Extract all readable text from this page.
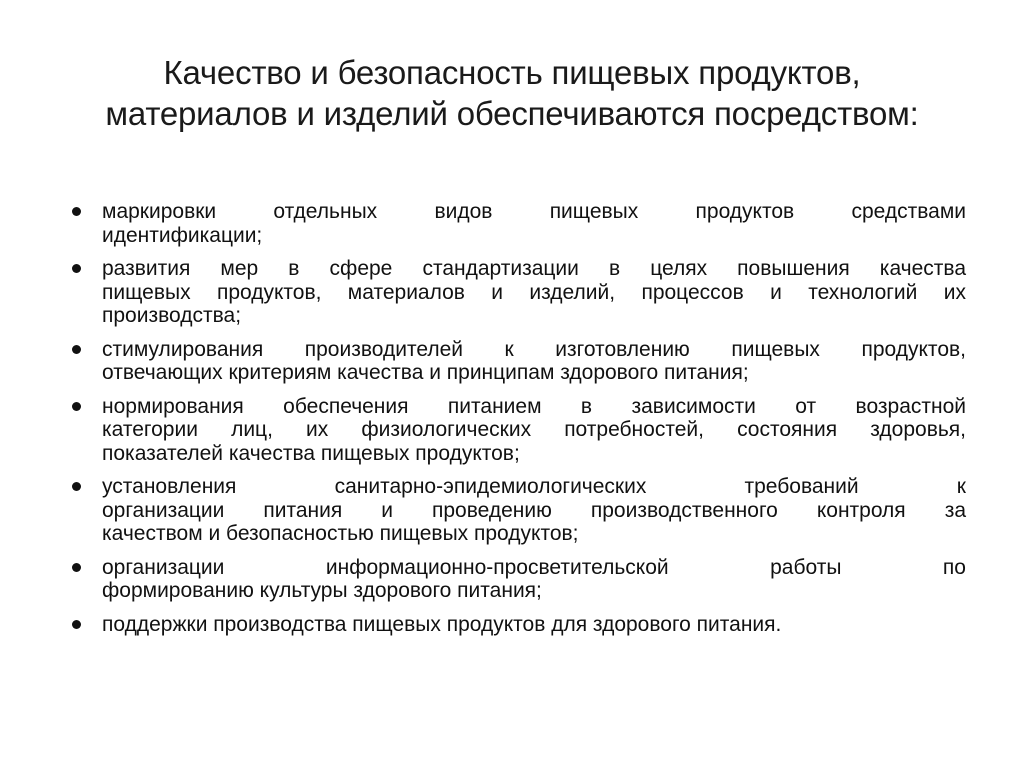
Качество и безопасность пищевых продуктов,
материалов и изделий обеспечиваются посредством:
маркировки отдельных видов пищевых продуктов средствами
идентификации;
развития мер в сфере стандартизации в целях повышения качества
пищевых продуктов, материалов и изделий, процессов и технологий их
производства;
стимулирования производителей к изготовлению пищевых продуктов,
отвечающих критериям качества и принципам здорового питания;
нормирования обеспечения питанием в зависимости от возрастной
категории лиц, их физиологических потребностей, состояния здоровья,
показателей качества пищевых продуктов;
установления санитарно-эпидемиологических требований к
организации питания и проведению производственного контроля за
качеством и безопасностью пищевых продуктов;
организации информационно-просветительской работы по
формированию культуры здорового питания;
поддержки производства пищевых продуктов для здорового питания.
